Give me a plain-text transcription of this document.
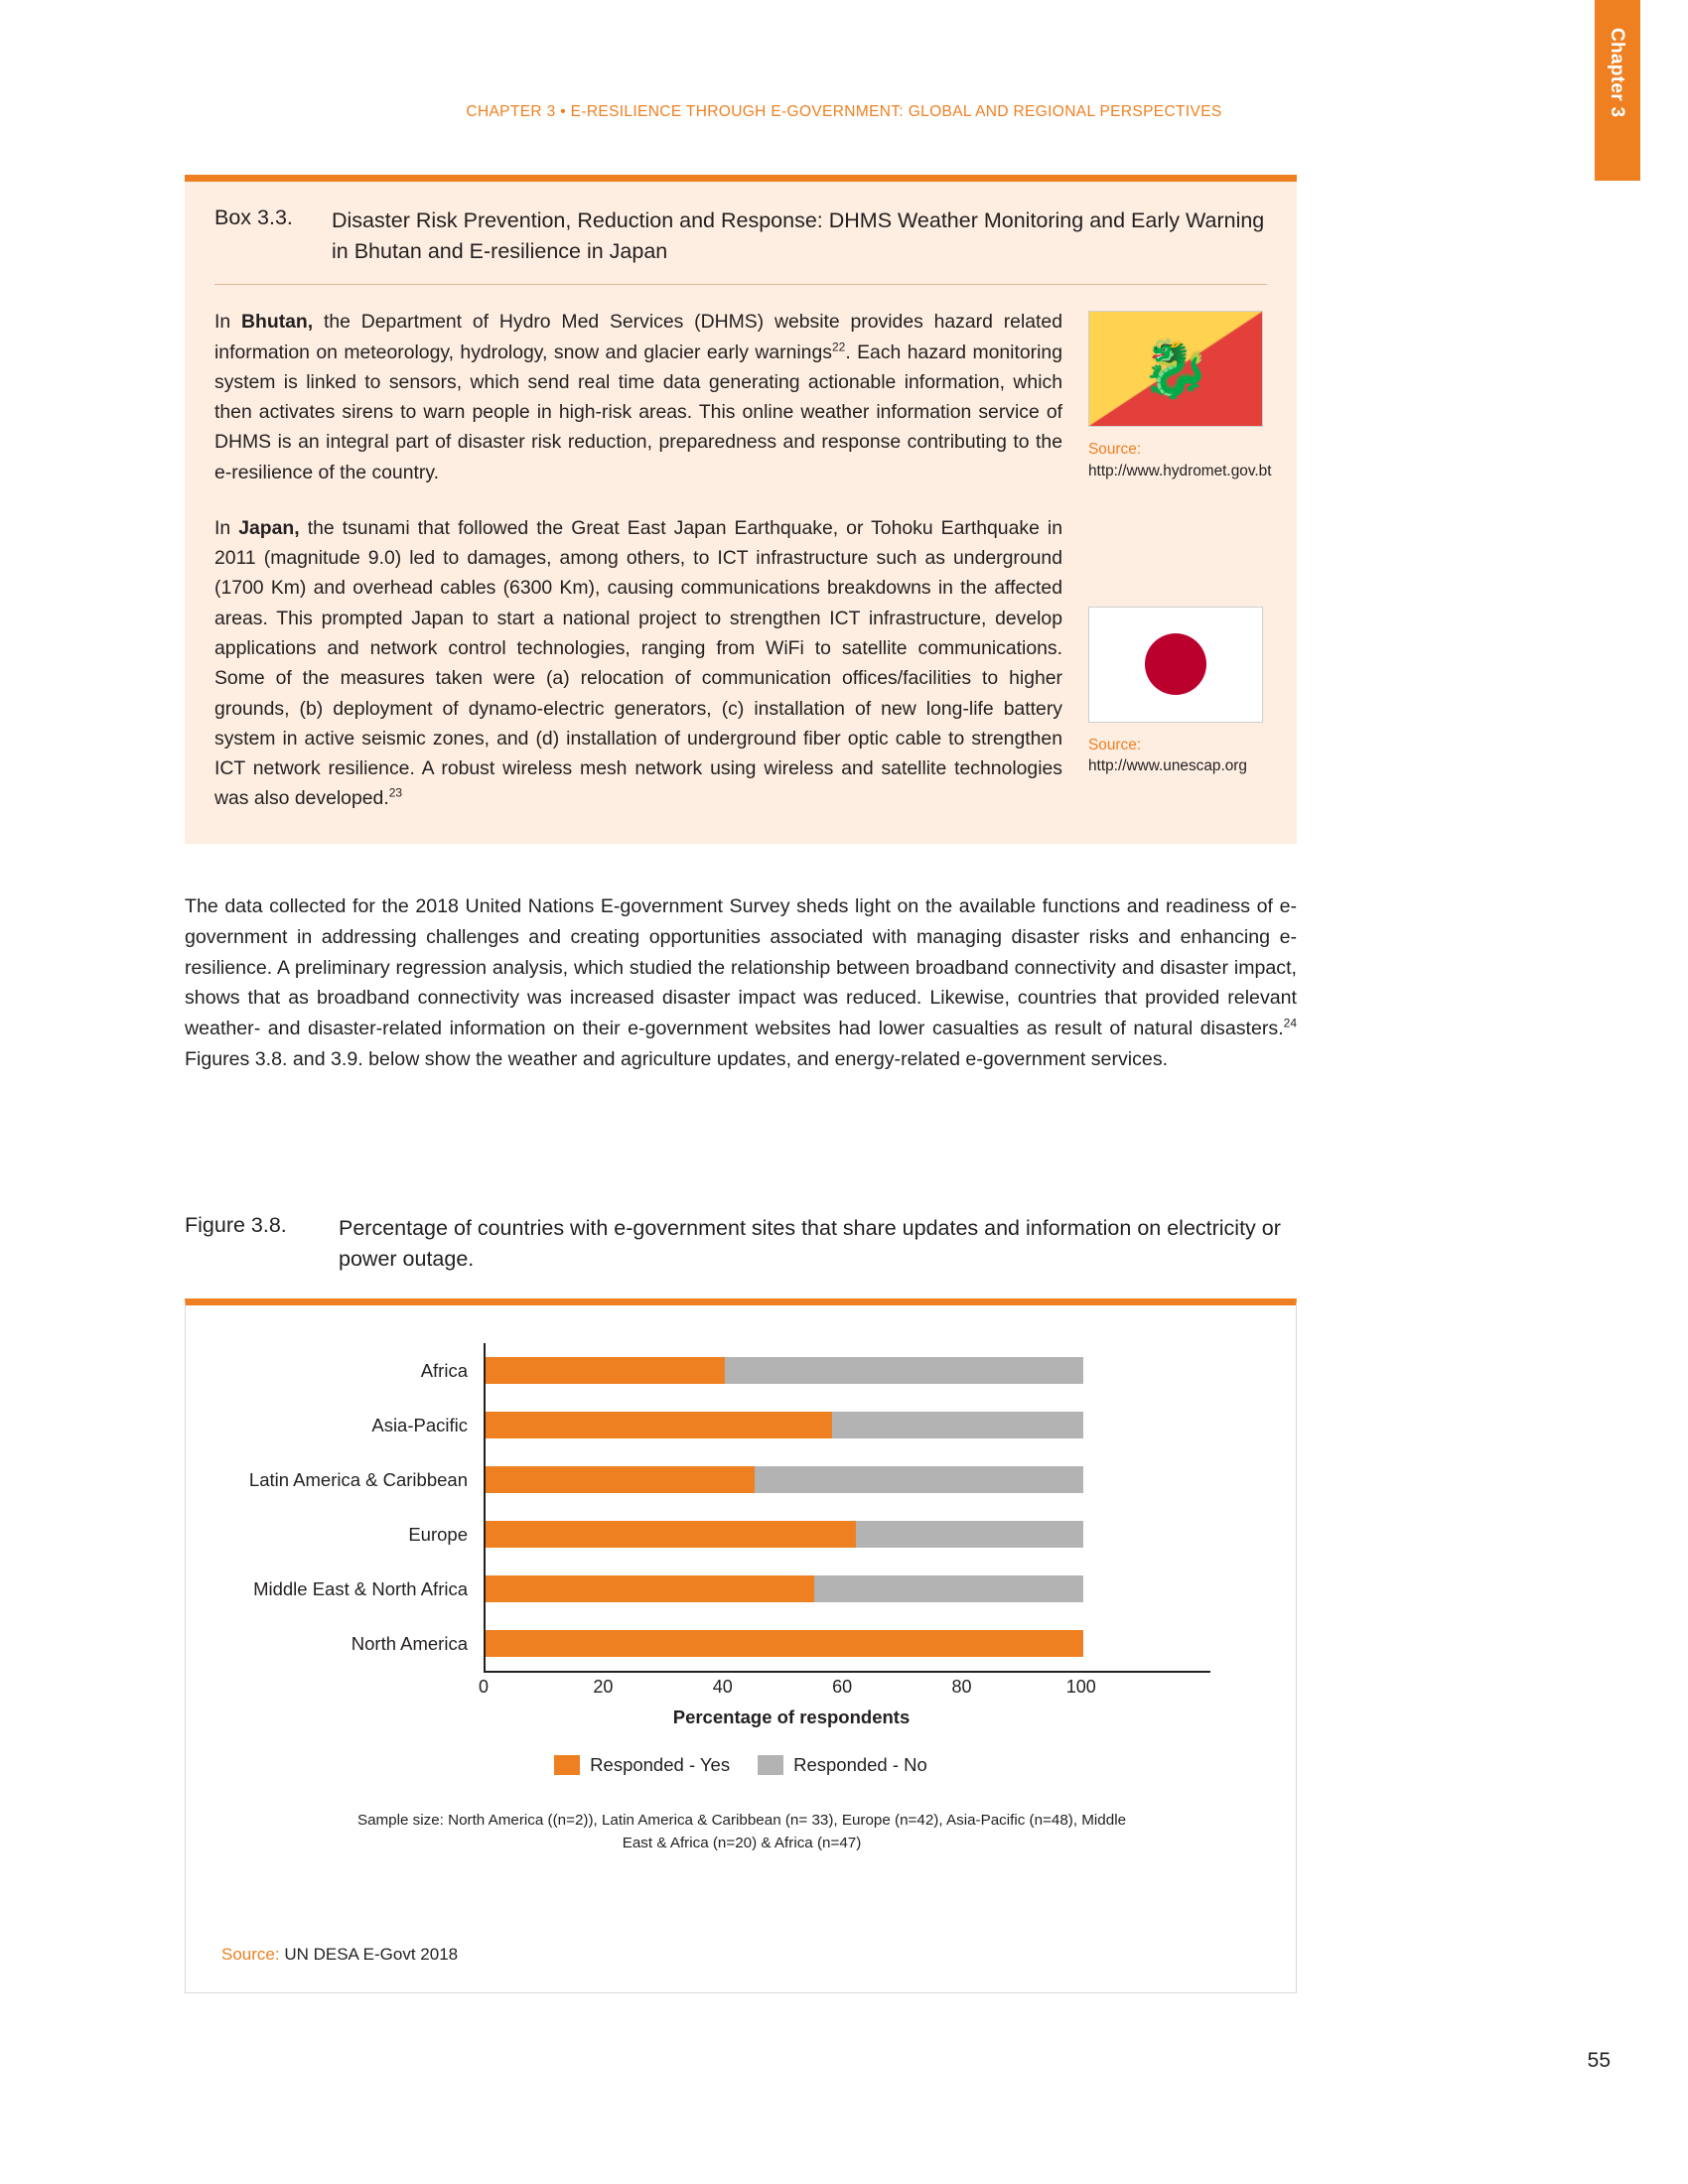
Chapter 3
CHAPTER 3 • E-RESILIENCE THROUGH E-GOVERNMENT: GLOBAL AND REGIONAL PERSPECTIVES
Box 3.3.	Disaster Risk Prevention, Reduction and Response: DHMS Weather Monitoring and Early Warning in Bhutan and E-resilience in Japan

In Bhutan, the Department of Hydro Med Services (DHMS) website provides hazard related information on meteorology, hydrology, snow and glacier early warnings$^{22}$. Each hazard monitoring system is linked to sensors, which send real time data generating actionable information, which then activates sirens to warn people in high-risk areas. This online weather information service of DHMS is an integral part of disaster risk reduction, preparedness and response contributing to the e-resilience of the country.

In Japan, the tsunami that followed the Great East Japan Earthquake, or Tohoku Earthquake in 2011 (magnitude 9.0) led to damages, among others, to ICT infrastructure such as underground (1700 Km) and overhead cables (6300 Km), causing communications breakdowns in the affected areas. This prompted Japan to start a national project to strengthen ICT infrastructure, develop applications and network control technologies, ranging from WiFi to satellite communications. Some of the measures taken were (a) relocation of communication offices/facilities to higher grounds, (b) deployment of dynamo-electric generators, (c) installation of new long-life battery system in active seismic zones, and (d) installation of underground fiber optic cable to strengthen ICT network resilience. A robust wireless mesh network using wireless and satellite technologies was also developed.$^{23}$

🐉
Source: http://www.hydromet.gov.bt
Source: http://www.unescap.org
The data collected for the 2018 United Nations E-government Survey sheds light on the available functions and readiness of e-government in addressing challenges and creating opportunities associated with managing disaster risks and enhancing e-resilience. A preliminary regression analysis, which studied the relationship between broadband connectivity and disaster impact, shows that as broadband connectivity was increased disaster impact was reduced. Likewise, countries that provided relevant weather- and disaster-related information on their e-government websites had lower casualties as result of natural disasters.$^{24}$ Figures 3.8. and 3.9. below show the weather and agriculture updates, and energy-related e-government services.
Figure 3.8.	Percentage of countries with e-government sites that share updates and information on electricity or power outage.
Africa
Asia-Pacific
Latin America & Caribbean
Europe
Middle East & North Africa
North America
0	20	40	60	80	100
Percentage of respondents
Responded - Yes	Responded - No
Sample size: North America ((n=2)), Latin America & Caribbean (n= 33), Europe (n=42), Asia-Pacific (n=48), Middle East & Africa (n=20) & Africa (n=47)
Source: UN DESA E-Govt 2018
55
